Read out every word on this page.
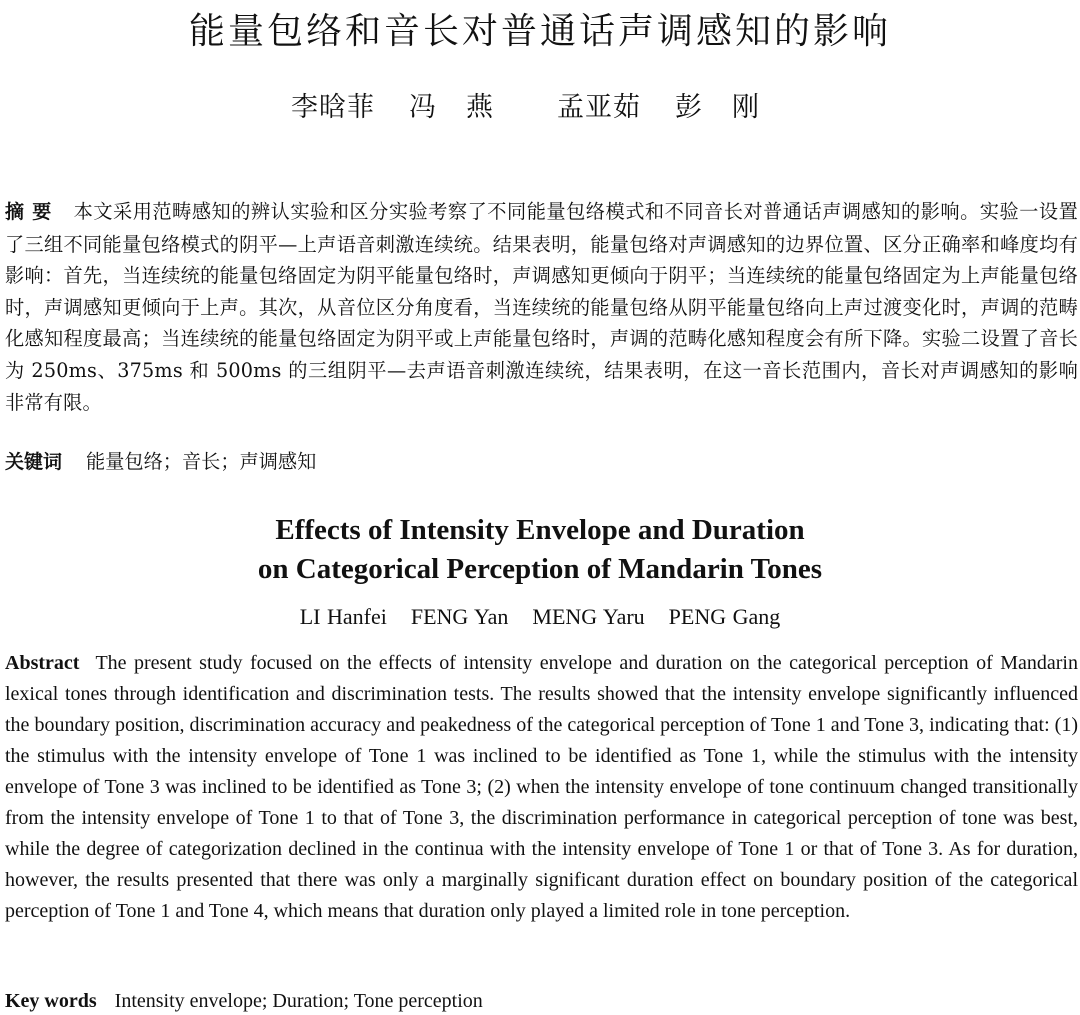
能量包络和音长对普通话声调感知的影响
李晗菲 冯燕 孟亚茹 彭刚
摘要 本文采用范畴感知的辨认实验和区分实验考察了不同能量包络模式和不同音长对普通话声调感知的影响。实验一设置了三组不同能量包络模式的阴平—上声语音刺激连续统。结果表明，能量包络对声调感知的边界位置、区分正确率和峰度均有影响：首先，当连续统的能量包络固定为阴平能量包络时，声调感知更倾向于阴平；当连续统的能量包络固定为上声能量包络时，声调感知更倾向于上声。其次，从音位区分角度看，当连续统的能量包络从阴平能量包络向上声过渡变化时，声调的范畴化感知程度最高；当连续统的能量包络固定为阴平或上声能量包络时，声调的范畴化感知程度会有所下降。实验二设置了音长为 250ms、375ms 和 500ms 的三组阴平—去声语音刺激连续统，结果表明，在这一音长范围内，音长对声调感知的影响非常有限。
关键词 能量包络；音长；声调感知
Effects of Intensity Envelope and Duration
on Categorical Perception of Mandarin Tones
LI Hanfei FENG Yan MENG Yaru PENG Gang
Abstract The present study focused on the effects of intensity envelope and duration on the categorical perception of Mandarin lexical tones through identification and discrimination tests. The results showed that the intensity envelope significantly influenced the boundary position, discrimination accuracy and peakedness of the categorical perception of Tone 1 and Tone 3, indicating that: (1) the stimulus with the intensity envelope of Tone 1 was inclined to be identified as Tone 1, while the stimulus with the intensity envelope of Tone 3 was inclined to be identified as Tone 3; (2) when the intensity envelope of tone continuum changed transitionally from the intensity envelope of Tone 1 to that of Tone 3, the discrimination performance in categorical perception of tone was best, while the degree of categorization declined in the continua with the intensity envelope of Tone 1 or that of Tone 3. As for duration, however, the results presented that there was only a marginally significant duration effect on boundary position of the categorical perception of Tone 1 and Tone 4, which means that duration only played a limited role in tone perception.
Key words Intensity envelope; Duration; Tone perception
